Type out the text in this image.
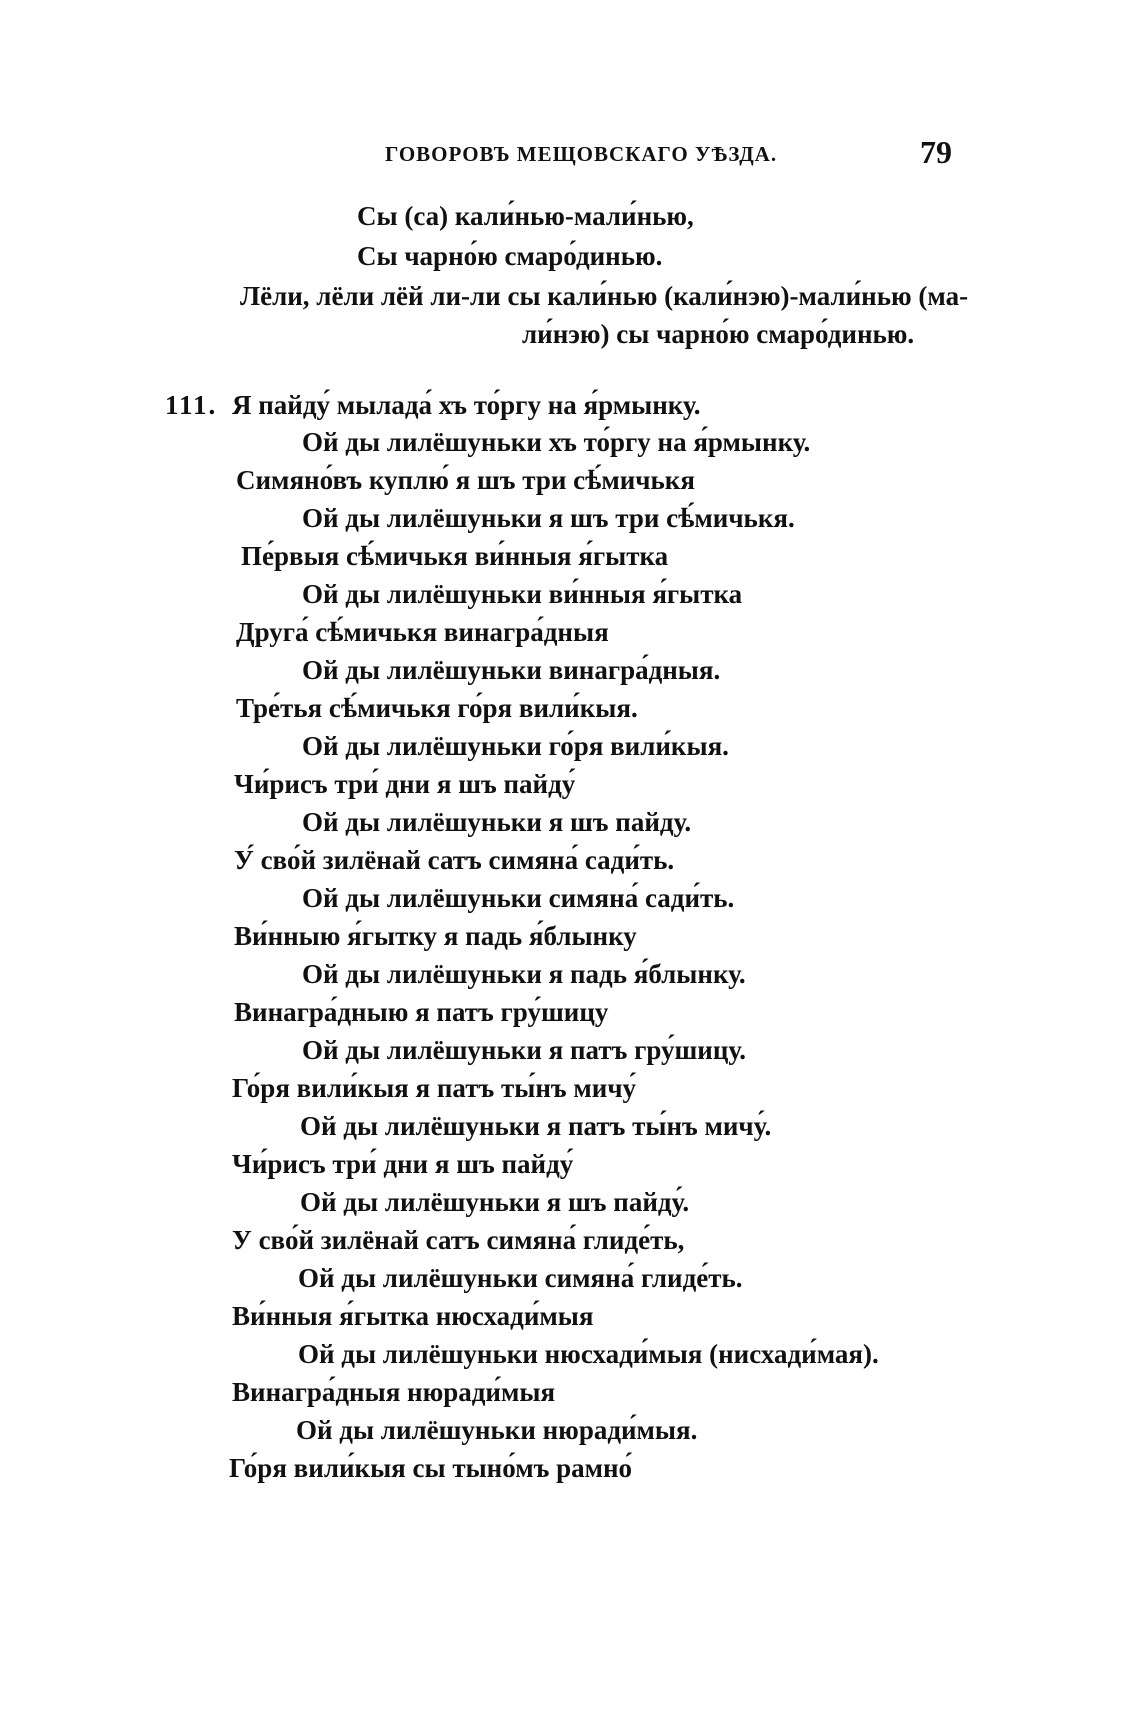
ГОВОРОВЪ МЕЩОВСКАГО УѢЗДА.	79
Сы (са) кали́нью-мали́нью,
Сы чарно́ю смаро́динью.
Лёли, лёли лёй ли-ли сы кали́нью (кали́нэю)-мали́нью (ма-
ли́нэю) сы чарно́ю смаро́динью.
111. Я пайду́ мылада́ хъ то́ргу на я́рмынку.
Ой ды лилёшуньки хъ то́ргу на я́рмынку.
Симяно́въ куплю́ я шъ три сѣ́мичькя
Ой ды лилёшуньки я шъ три сѣ́мичькя.
Пе́рвыя сѣ́мичькя ви́нныя я́гытка
Ой ды лилёшуньки ви́нныя я́гытка
Друга́ сѣ́мичькя винагра́дныя
Ой ды лилёшуньки винагра́дныя.
Тре́тья сѣ́мичькя го́ря вили́кыя.
Ой ды лилёшуньки го́ря вили́кыя.
Чи́рисъ три́ дни я шъ пайду́
Ой ды лилёшуньки я шъ пайду.
У́ сво́й зилёнай сатъ симяна́ сади́ть.
Ой ды лилёшуньки симяна́ сади́ть.
Ви́нныю я́гытку я падь я́блынку
Ой ды лилёшуньки я падь я́блынку.
Винагра́дныю я патъ гру́шицу
Ой ды лилёшуньки я патъ гру́шицу.
Го́ря вили́кыя я патъ ты́нъ мичу́
Ой ды лилёшуньки я патъ ты́нъ мичу́.
Чи́рисъ три́ дни я шъ пайду́
Ой ды лилёшуньки я шъ пайду́.
У сво́й зилёнай сатъ симяна́ глиде́ть,
Ой ды лилёшуньки симяна́ глиде́ть.
Ви́нныя я́гытка нюсхади́мыя
Ой ды лилёшуньки нюсхади́мыя (нисхади́мая).
Винагра́дныя нюради́мыя
Ой ды лилёшуньки нюради́мыя.
Го́ря вили́кыя сы тыно́мъ рамно́
